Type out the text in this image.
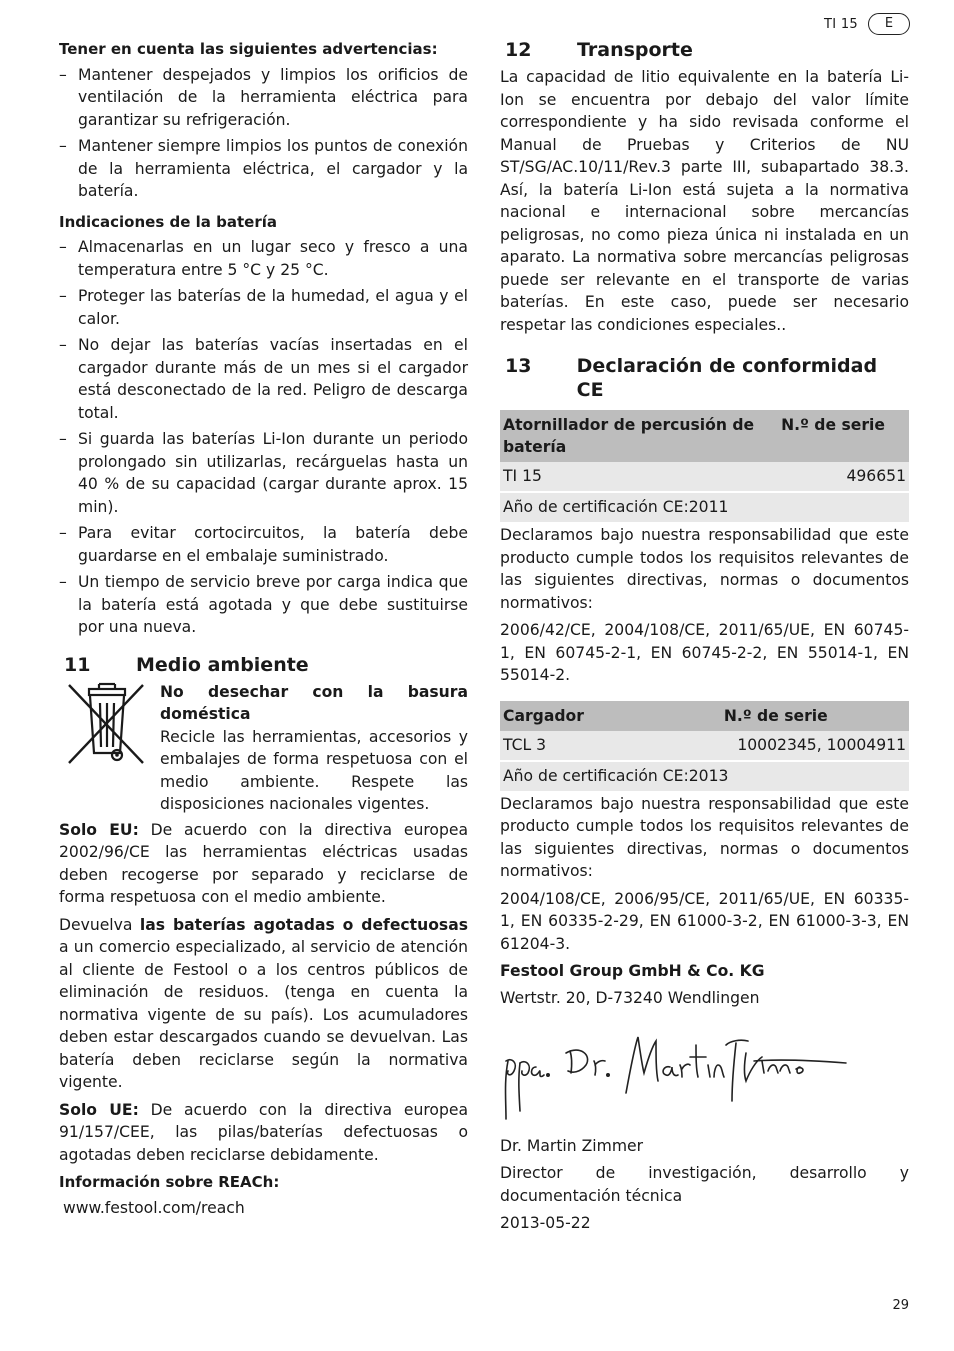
TI 15	E
Tener en cuenta las siguientes advertencias:
– Mantener despejados y limpios los orificios de ventilación de la herramienta eléctrica para garantizar su refrigeración.
– Mantener siempre limpios los puntos de conexión de la herramienta eléctrica, el cargador y la batería.
Indicaciones de la batería
– Almacenarlas en un lugar seco y fresco a una temperatura entre 5 °C y 25 °C.
– Proteger las baterías de la humedad, el agua y el calor.
– No dejar las baterías vacías insertadas en el cargador durante más de un mes si el cargador está desconectado de la red. Peligro de descarga total.
– Si guarda las baterías Li-Ion durante un periodo prolongado sin utilizarlas, recárguelas hasta un 40 % de su capacidad (cargar durante aprox. 15 min).
– Para evitar cortocircuitos, la batería debe guardarse en el embalaje suministrado.
– Un tiempo de servicio breve por carga indica que la batería está agotada y que debe sustituirse por una nueva.
11	Medio ambiente
No desechar con la basura doméstica
Recicle las herramientas, accesorios y embalajes de forma respetuosa con el medio ambiente. Respete las disposiciones nacionales vigentes.

Solo EU: De acuerdo con la directiva europea 2002/96/CE las herramientas eléctricas usadas deben recogerse por separado y reciclarse de forma respetuosa con el medio ambiente.

Devuelva las baterías agotadas o defectuosas a un comercio especializado, al servicio de atención al cliente de Festool o a los centros públicos de eliminación de residuos. (tenga en cuenta la normativa vigente de su país). Los acumuladores deben estar descargados cuando se devuelvan. Las batería deben reciclarse según la normativa vigente.

Solo UE: De acuerdo con la directiva europea 91/157/CEE, las pilas/baterías defectuosas o agotadas deben reciclarse debidamente.

Información sobre REACh:
www.festool.com/reach
12	Transporte

La capacidad de litio equivalente en la batería Li-Ion se encuentra por debajo del valor límite correspondiente y ha sido revisada conforme el Manual de Pruebas y Criterios de NU ST/SG/AC.10/11/Rev.3 parte III, subapartado 38.3. Así, la batería Li-Ion está sujeta a la normativa nacional e internacional sobre mercancías peligrosas, no como pieza única ni instalada en un aparato. La normativa sobre mercancías peligrosas puede ser relevante en el transporte de varias baterías. En este caso, puede ser necesario respetar las condiciones especiales..

13	Declaración de conformidad CE
Atornillador de percusión de batería	N.º de serie
TI 15	496651
Año de certificación CE:2011	

Declaramos bajo nuestra responsabilidad que este producto cumple todos los requisitos relevantes de las siguientes directivas, normas o documentos normativos:

2006/42/CE, 2004/108/CE, 2011/65/UE, EN 60745-1, EN 60745-2-1, EN 60745-2-2, EN 55014-1, EN 55014-2.

Cargador	N.º de serie
TCL 3	10002345, 10004911
Año de certificación CE:2013	

Declaramos bajo nuestra responsabilidad que este producto cumple todos los requisitos relevantes de las siguientes directivas, normas o documentos normativos:

2004/108/CE, 2006/95/CE, 2011/65/UE, EN 60335-1, EN 60335-2-29, EN 61000-3-2, EN 61000-3-3, EN 61204-3.

Festool Group GmbH & Co. KG
Wertstr. 20, D-73240 Wendlingen
Dr. Martin Zimmer

Director de investigación, desarrollo y documentación técnica

2013-05-22
29
